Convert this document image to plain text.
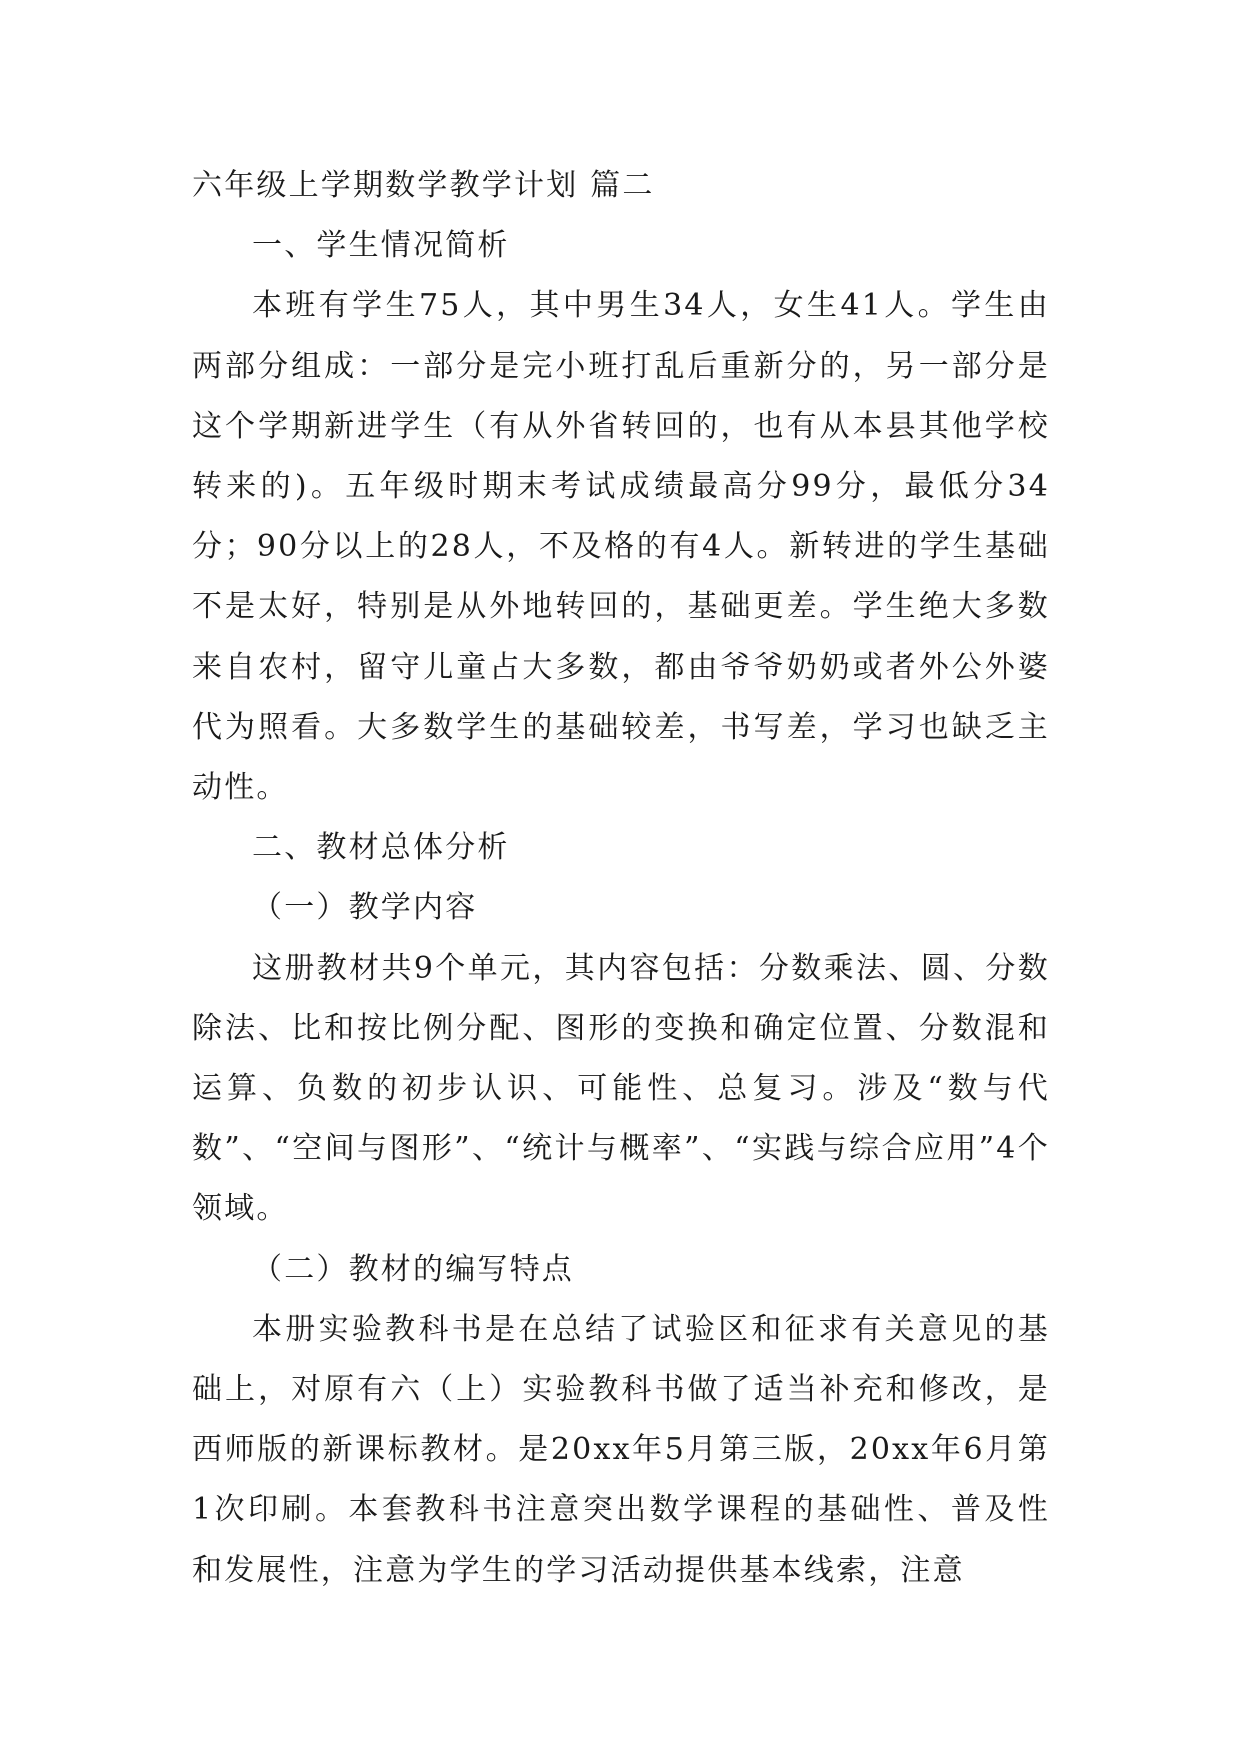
六年级上学期数学教学计划 篇二

一、学生情况简析

本班有学生75人，其中男生34人，女生41人。学生由两部分组成：一部分是完小班打乱后重新分的，另一部分是这个学期新进学生（有从外省转回的，也有从本县其他学校转来的)。五年级时期末考试成绩最高分99分，最低分34分；90分以上的28人，不及格的有4人。新转进的学生基础不是太好，特别是从外地转回的，基础更差。学生绝大多数来自农村，留守儿童占大多数，都由爷爷奶奶或者外公外婆代为照看。大多数学生的基础较差，书写差，学习也缺乏主动性。

二、教材总体分析

（一）教学内容

这册教材共9个单元，其内容包括：分数乘法、圆、分数除法、比和按比例分配、图形的变换和确定位置、分数混和运算、负数的初步认识、可能性、总复习。涉及“数与代数”、“空间与图形”、“统计与概率”、“实践与综合应用”4个领域。

（二）教材的编写特点

本册实验教科书是在总结了试验区和征求有关意见的基础上，对原有六（上）实验教科书做了适当补充和修改，是西师版的新课标教材。是20xx年5月第三版，20xx年6月第1次印刷。本套教科书注意突出数学课程的基础性、普及性和发展性，注意为学生的学习活动提供基本线索，注意
